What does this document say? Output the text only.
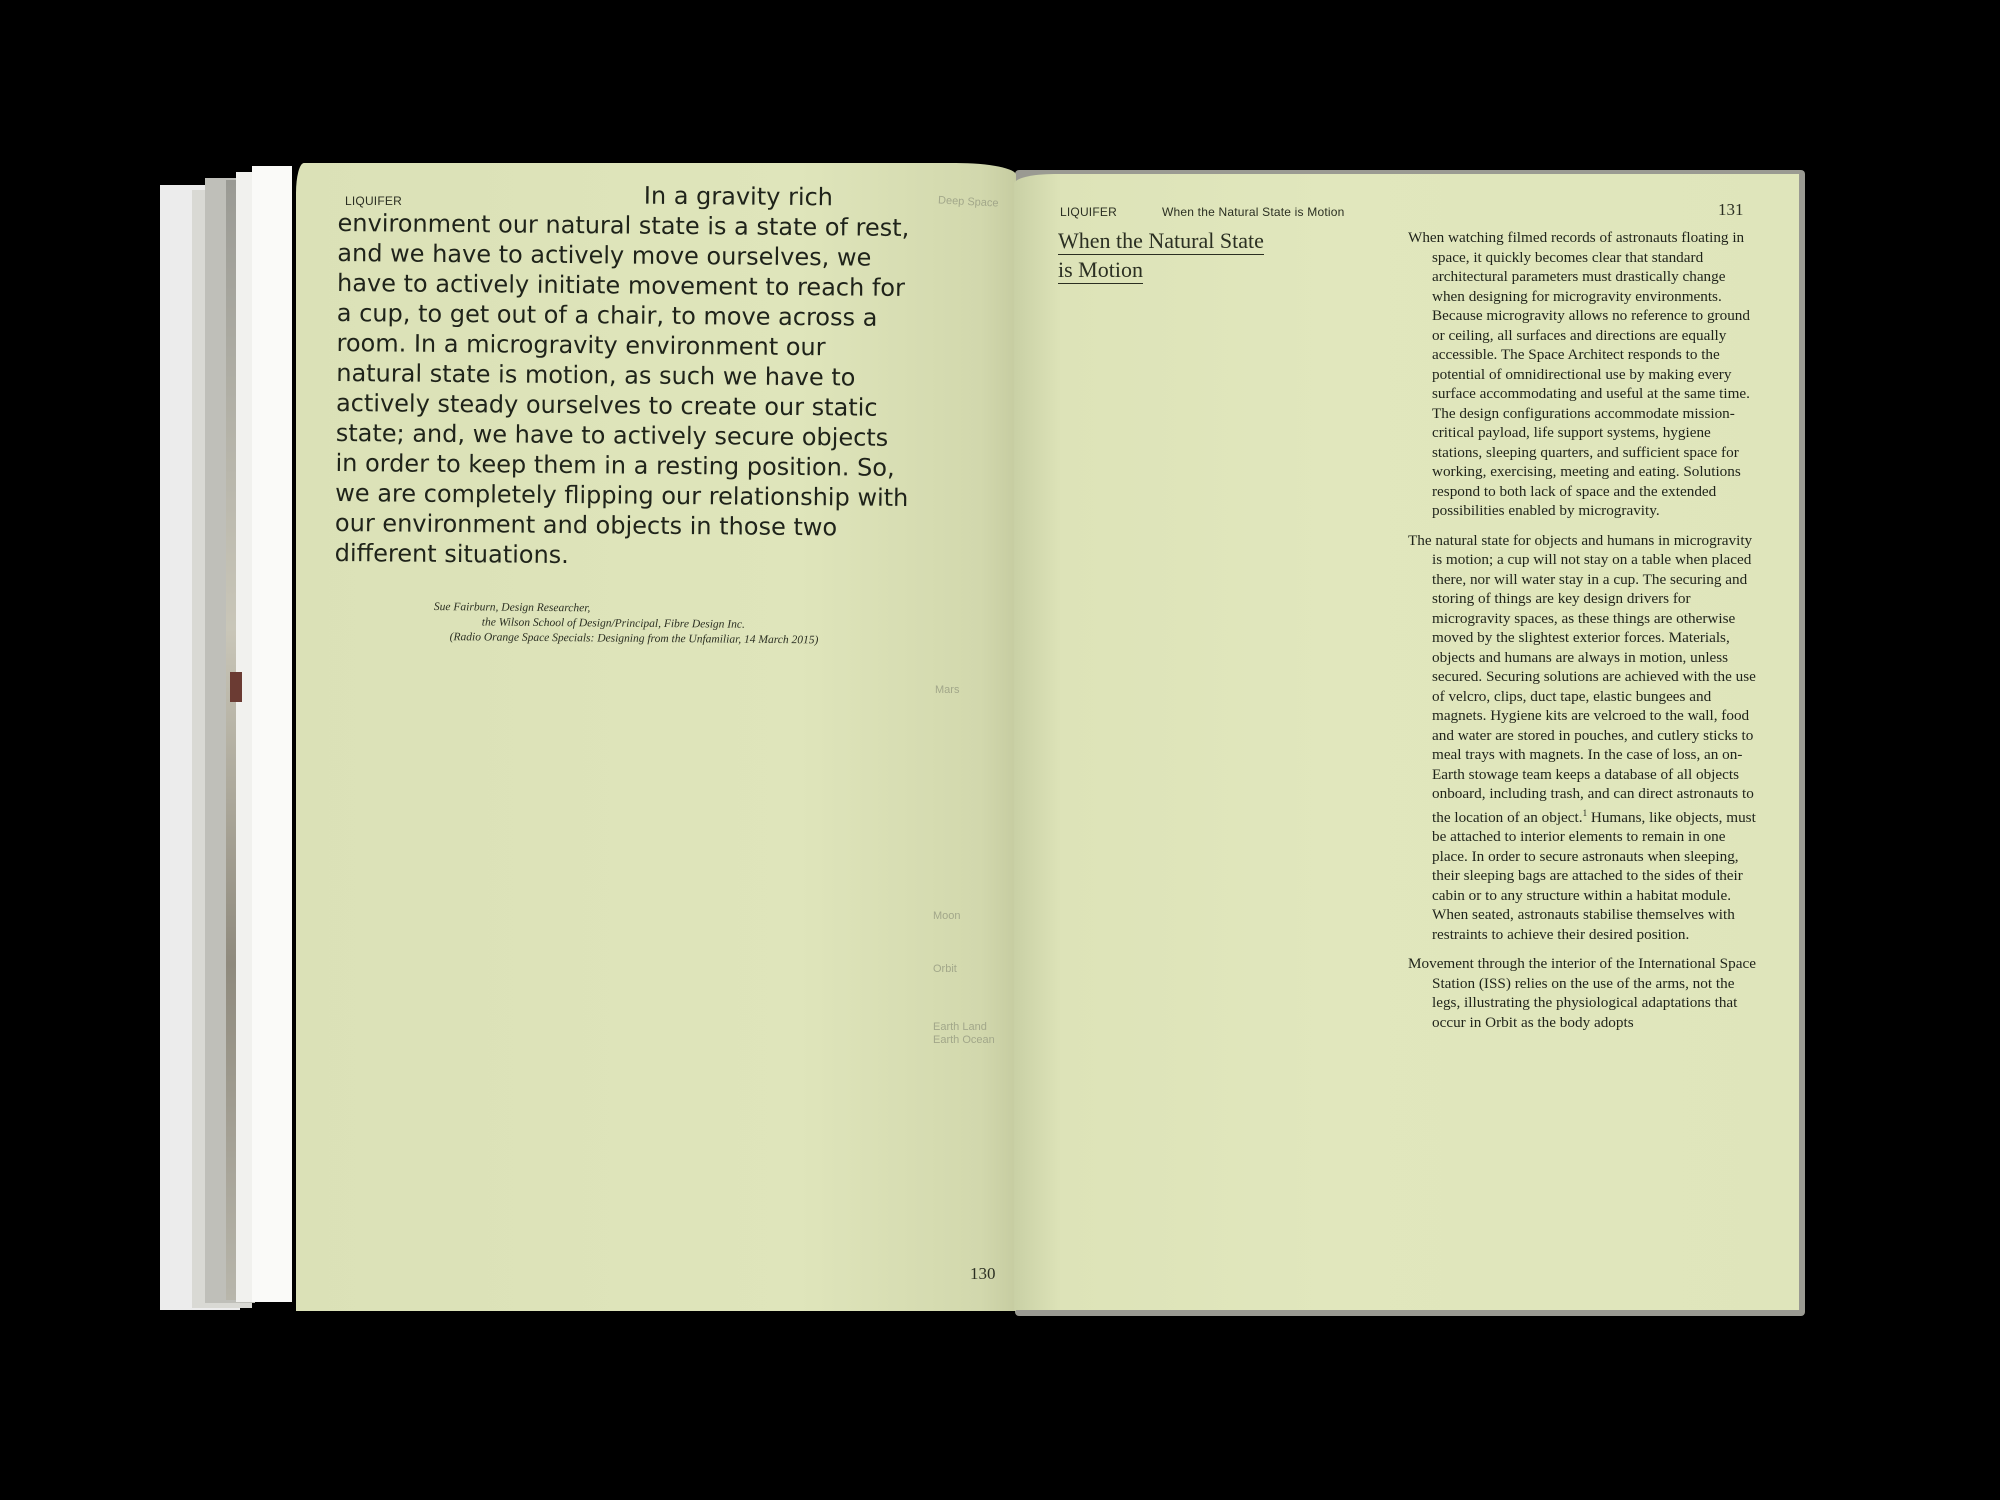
LIQUIFER	In a gravity rich
environment our natural state is a state of rest, and we have to actively move ourselves, we have to actively initiate movement to reach for a cup, to get out of a chair, to move across a room. In a microgravity environment our natural state is motion, as such we have to actively steady ourselves to create our static state; and, we have to actively secure objects in order to keep them in a resting position. So, we are completely flipping our relationship with our environment and objects in those two different situations.
Sue Fairburn, Design Researcher,
the Wilson School of Design/Principal, Fibre Design Inc.
(Radio Orange Space Specials: Designing from the Unfamiliar, 14 March 2015)
Deep Space
Mars
Moon
Orbit
Earth Land
Earth Ocean
130
LIQUIFER	When the Natural State is Motion	131
When the Natural State
is Motion

When watching filmed records of astronauts floating in space, it quickly becomes clear that standard architectural parameters must drastically change when designing for microgravity environments. Because microgravity allows no reference to ground or ceiling, all surfaces and directions are equally accessible. The Space Architect responds to the potential of omnidirectional use by making every surface accommodating and useful at the same time. The design configurations accommodate mission-critical payload, life support systems, hygiene stations, sleeping quarters, and sufficient space for working, exercising, meeting and eating. Solutions respond to both lack of space and the extended possibilities enabled by microgravity.

The natural state for objects and humans in microgravity is motion; a cup will not stay on a table when placed there, nor will water stay in a cup. The securing and storing of things are key design drivers for microgravity spaces, as these things are otherwise moved by the slightest exterior forces. Materials, objects and humans are always in motion, unless secured. Securing solutions are achieved with the use of velcro, clips, duct tape, elastic bungees and magnets. Hygiene kits are velcroed to the wall, food and water are stored in pouches, and cutlery sticks to meal trays with magnets. In the case of loss, an on-Earth stowage team keeps a database of all objects onboard, including trash, and can direct astronauts to the location of an object.$^1$ Humans, like objects, must be attached to interior elements to remain in one place. In order to secure astronauts when sleeping, their sleeping bags are attached to the sides of their cabin or to any structure within a habitat module. When seated, astronauts stabilise themselves with restraints to achieve their desired position.

Movement through the interior of the International Space Station (ISS) relies on the use of the arms, not the legs, illustrating the physiological adaptations that occur in Orbit as the body adopts
